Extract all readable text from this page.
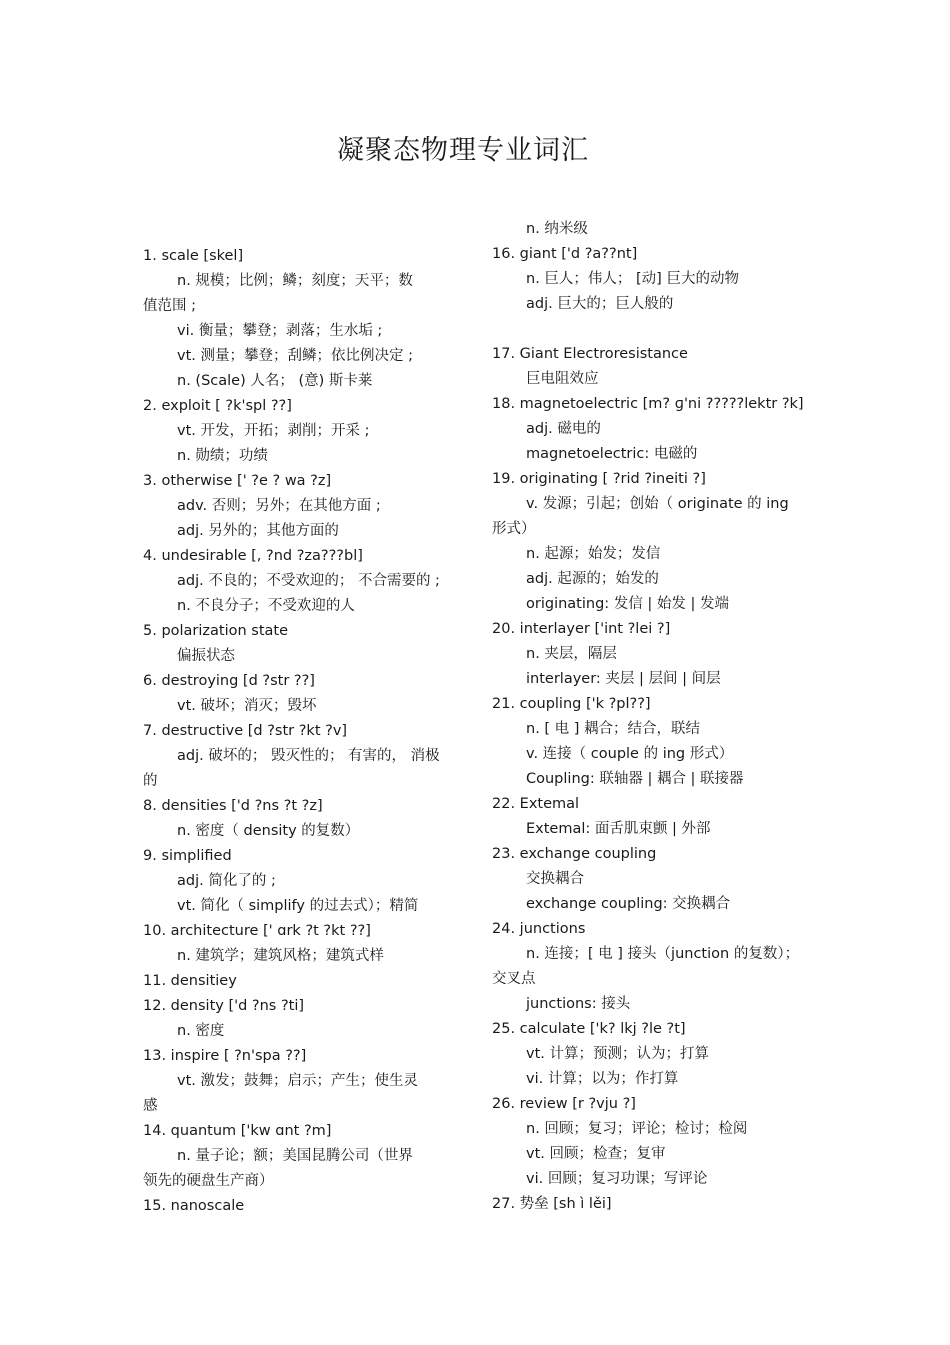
凝聚态物理专业词汇
1. scale [skel]
n. 规模；比例；鳞；刻度；天平；数
值范围 ;
vi. 衡量；攀登；剥落；生水垢 ;
vt. 测量；攀登；刮鳞；依比例决定 ;
n. (Scale) 人名； (意) 斯卡莱
2. exploit [ ?k'spl ??]
vt. 开发，开拓；剥削；开采 ;
n. 勋绩；功绩
3. otherwise [' ?e ? wa ?z]
adv. 否则；另外；在其他方面 ;
adj. 另外的；其他方面的
4. undesirable [, ?nd ?za???bl]
adj. 不良的；不受欢迎的； 不合需要的 ;
n. 不良分子；不受欢迎的人
5. polarization state
偏振状态
6. destroying [d ?str ??]
vt. 破坏；消灭；毁坏
7. destructive [d ?str ?kt ?v]
adj. 破坏的； 毁灭性的； 有害的， 消极
的
8. densities ['d ?ns ?t ?z]
n. 密度（ density 的复数）
9. simplified
adj. 简化了的 ;
vt. 简化（ simplify 的过去式）；精简
10. architecture [' ɑrk ?t ?kt ??]
n. 建筑学；建筑风格；建筑式样
11. densitiey
12. density ['d ?ns ?ti]
n. 密度
13. inspire [ ?n'spa ??]
vt. 激发；鼓舞；启示；产生；使生灵
感
14. quantum ['kw ɑnt ?m]
n. 量子论；额；美国昆腾公司（世界
领先的硬盘生产商）
15. nanoscale
n. 纳米级
16. giant ['d ?a??nt]
n. 巨人；伟人； [动] 巨大的动物
adj. 巨大的；巨人般的
17. Giant Electroresistance
巨电阻效应
18. magnetoelectric [m? ɡ'ni ?????lektr ?k]
adj. 磁电的
magnetoelectric: 电磁的
19. originating [ ?rid ?ineiti ?]
v. 发源；引起；创始（ originate 的 ing
形式）
n. 起源；始发；发信
adj. 起源的；始发的
originating: 发信 | 始发 | 发端
20. interlayer ['int ?lei ?]
n. 夹层，隔层
interlayer: 夹层 | 层间 | 间层
21. coupling ['k ?pl??]
n. [ 电 ] 耦合；结合，联结
v. 连接（ couple 的 ing 形式）
Coupling: 联轴器 | 耦合 | 联接器
22. Extemal
Extemal: 面舌肌束颤 | 外部
23. exchange coupling
交换耦合
exchange coupling: 交换耦合
24. junctions
n. 连接；[ 电 ] 接头（junction 的复数）；
交叉点
junctions: 接头
25. calculate ['k? lkj ?le ?t]
vt. 计算；预测；认为；打算
vi. 计算；以为；作打算
26. review [r ?vju ?]
n. 回顾；复习；评论；检讨；检阅
vt. 回顾；检查；复审
vi. 回顾；复习功课；写评论
27. 势垒 [sh ì lěi]
